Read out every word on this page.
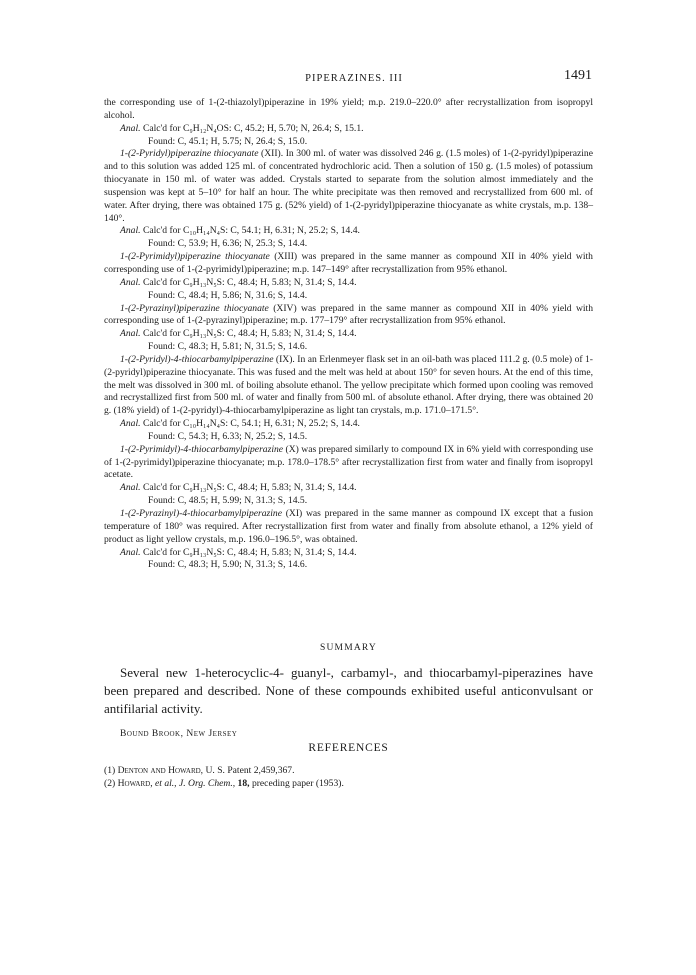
PIPERAZINES. III	1491

the corresponding use of 1-(2-thiazolyl)piperazine in 19% yield; m.p. 219.0–220.0° after recrystallization from isopropyl alcohol.

Anal. Calc'd for C₉H₁₂N₄OS: C, 45.2; H, 5.70; N, 26.4; S, 15.1.

Found: C, 45.1; H, 5.75; N, 26.4; S, 15.0.

1-(2-Pyridyl)piperazine thiocyanate (XII). In 300 ml. of water was dissolved 246 g. (1.5 moles) of 1-(2-pyridyl)piperazine and to this solution was added 125 ml. of concentrated hydrochloric acid. Then a solution of 150 g. (1.5 moles) of potassium thiocyanate in 150 ml. of water was added. Crystals started to separate from the solution almost immediately and the suspension was kept at 5–10° for half an hour. The white precipitate was then removed and recrystallized from 600 ml. of water. After drying, there was obtained 175 g. (52% yield) of 1-(2-pyridyl)piperazine thiocyanate as white crystals, m.p. 138–140°.

Anal. Calc'd for C₁₀H₁₄N₄S: C, 54.1; H, 6.31; N, 25.2; S, 14.4.

Found: C, 53.9; H, 6.36; N, 25.3; S, 14.4.

1-(2-Pyrimidyl)piperazine thiocyanate (XIII) was prepared in the same manner as compound XII in 40% yield with corresponding use of 1-(2-pyrimidyl)piperazine; m.p. 147–149° after recrystallization from 95% ethanol.

Anal. Calc'd for C₉H₁₃N₅S: C, 48.4; H, 5.83; N, 31.4; S, 14.4.

Found: C, 48.4; H, 5.86; N, 31.6; S, 14.4.

1-(2-Pyrazinyl)piperazine thiocyanate (XIV) was prepared in the same manner as compound XII in 40% yield with corresponding use of 1-(2-pyrazinyl)piperazine; m.p. 177–179° after recrystallization from 95% ethanol.

Anal. Calc'd for C₉H₁₃N₅S: C, 48.4; H, 5.83; N, 31.4; S, 14.4.

Found: C, 48.3; H, 5.81; N, 31.5; S, 14.6.

1-(2-Pyridyl)-4-thiocarbamylpiperazine (IX). In an Erlenmeyer flask set in an oil-bath was placed 111.2 g. (0.5 mole) of 1-(2-pyridyl)piperazine thiocyanate. This was fused and the melt was held at about 150° for seven hours. At the end of this time, the melt was dissolved in 300 ml. of boiling absolute ethanol. The yellow precipitate which formed upon cooling was removed and recrystallized first from 500 ml. of water and finally from 500 ml. of absolute ethanol. After drying, there was obtained 20 g. (18% yield) of 1-(2-pyridyl)-4-thiocarbamylpiperazine as light tan crystals, m.p. 171.0–171.5°.

Anal. Calc'd for C₁₀H₁₄N₄S: C, 54.1; H, 6.31; N, 25.2; S, 14.4.

Found: C, 54.3; H, 6.33; N, 25.2; S, 14.5.

1-(2-Pyrimidyl)-4-thiocarbamylpiperazine (X) was prepared similarly to compound IX in 6% yield with corresponding use of 1-(2-pyrimidyl)piperazine thiocyanate; m.p. 178.0–178.5° after recrystallization first from water and finally from isopropyl acetate.

Anal. Calc'd for C₉H₁₃N₅S: C, 48.4; H, 5.83; N, 31.4; S, 14.4.

Found: C, 48.5; H, 5.99; N, 31.3; S, 14.5.

1-(2-Pyrazinyl)-4-thiocarbamylpiperazine (XI) was prepared in the same manner as compound IX except that a fusion temperature of 180° was required. After recrystallization first from water and finally from absolute ethanol, a 12% yield of product as light yellow crystals, m.p. 196.0–196.5°, was obtained.

Anal. Calc'd for C₉H₁₃N₅S: C, 48.4; H, 5.83; N, 31.4; S, 14.4.

Found: C, 48.3; H, 5.90; N, 31.3; S, 14.6.

SUMMARY
Several new 1-heterocyclic-4- guanyl-, carbamyl-, and thiocarbamyl-piperazines have been prepared and described. None of these compounds exhibited useful anticonvulsant or antifilarial activity.
Bound Brook, New Jersey
REFERENCES

(1) Denton and Howard, U. S. Patent 2,459,367.

(2) Howard, et al., J. Org. Chem., 18, preceding paper (1953).
